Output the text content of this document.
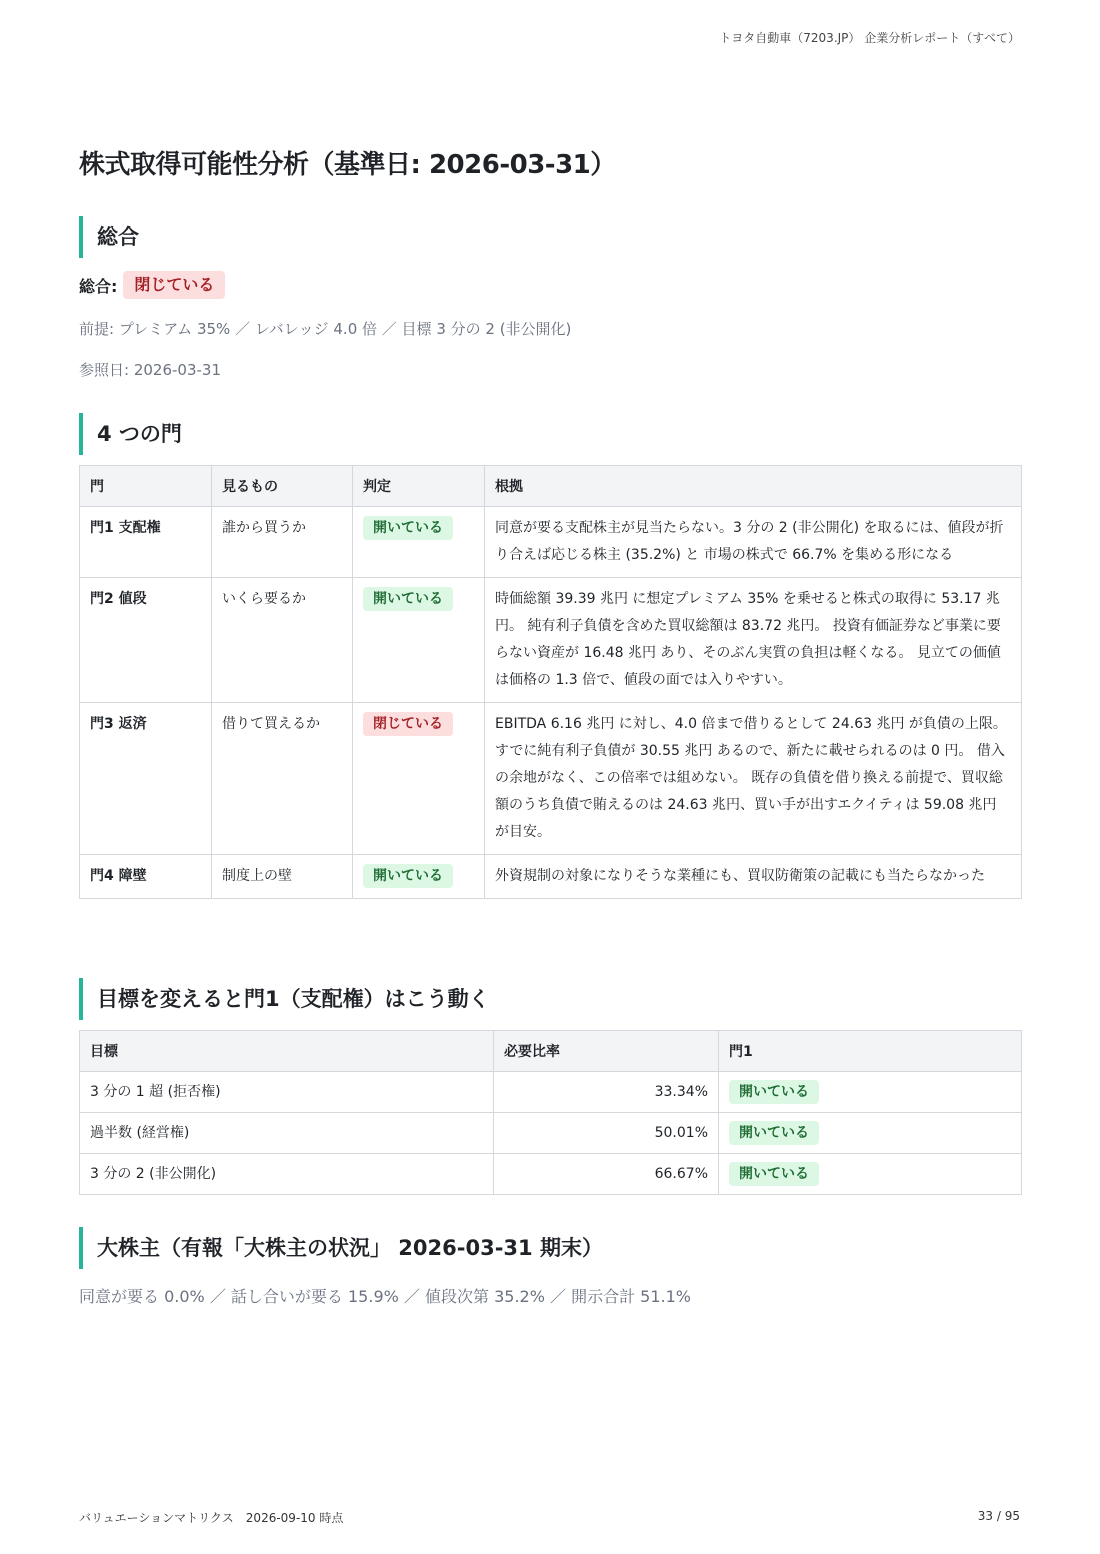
トヨタ自動車（7203.JP） 企業分析レポート（すべて）
株式取得可能性分析（基準日: 2026-03-31）
総合
総合:	閉じている
前提: プレミアム 35% ／ レバレッジ 4.0 倍 ／ 目標 3 分の 2 (非公開化)
参照日: 2026-03-31
4 つの門
門	見るもの	判定	根拠
門1 支配権	誰から買うか	開いている	同意が要る支配株主が見当たらない。3 分の 2 (非公開化) を取るには、値段が折り合えば応じる株主 (35.2%) と 市場の株式で 66.7% を集める形になる
門2 値段	いくら要るか	開いている	時価総額 39.39 兆円 に想定プレミアム 35% を乗せると株式の取得に 53.17 兆円。 純有利子負債を含めた買収総額は 83.72 兆円。 投資有価証券など事業に要らない資産が 16.48 兆円 あり、そのぶん実質の負担は軽くなる。 見立ての価値は価格の 1.3 倍で、値段の面では入りやすい。
門3 返済	借りて買えるか	閉じている	EBITDA 6.16 兆円 に対し、4.0 倍まで借りるとして 24.63 兆円 が負債の上限。 すでに純有利子負債が 30.55 兆円 あるので、新たに載せられるのは 0 円。 借入の余地がなく、この倍率では組めない。 既存の負債を借り換える前提で、買収総額のうち負債で賄えるのは 24.63 兆円、買い手が出すエクイティは 59.08 兆円 が目安。
門4 障壁	制度上の壁	開いている	外資規制の対象になりそうな業種にも、買収防衛策の記載にも当たらなかった
目標を変えると門1（支配権）はこう動く
目標	必要比率	門1
3 分の 1 超 (拒否権)	33.34%	開いている
過半数 (経営権)	50.01%	開いている
3 分の 2 (非公開化)	66.67%	開いている
大株主（有報「大株主の状況」 2026-03-31 期末）
同意が要る 0.0% ／ 話し合いが要る 15.9% ／ 値段次第 35.2% ／ 開示合計 51.1%
バリュエーションマトリクス　2026-09-10 時点	33 / 95
